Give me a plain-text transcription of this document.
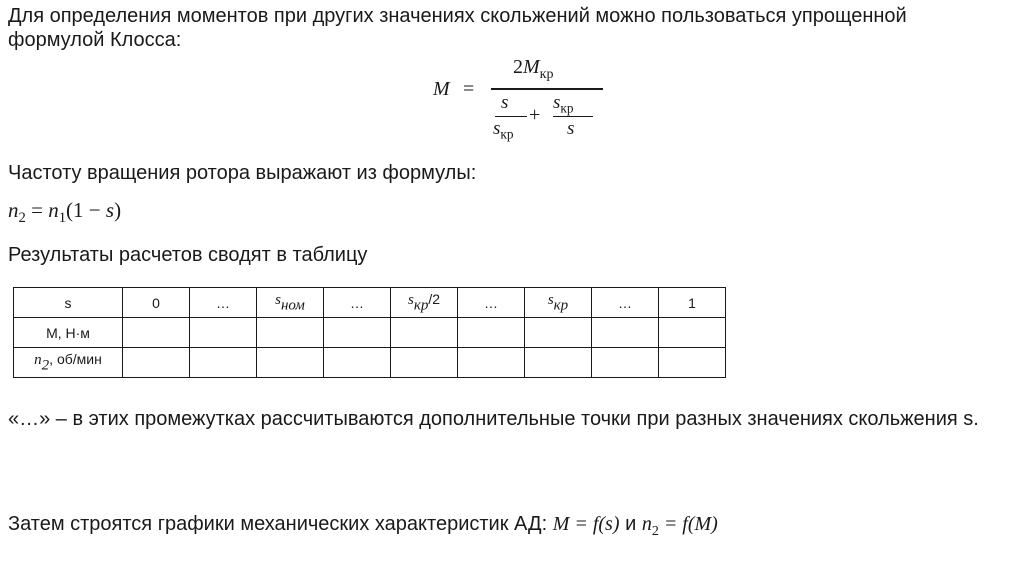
Для определения моментов при других значениях скольжений можно пользоваться упрощенной формулой Клосса:

M =
$2M_{кр}$
s
$s_{кр}$
+
$s_{кр}$
s

Частоту вращения ротора выражают из формулы:

$n_2 = n_1(1 - s)$

Результаты расчетов сводят в таблицу

s	0	…	$s_{ном}$	…	$s_{кр}/2$	…	$s_{кр}$	…	1
M, Н·м									
$n_2$, об/мин									

«…» – в этих промежутках рассчитываются дополнительные точки при разных значениях скольжения s.

Затем строятся графики механических характеристик АД: M = f(s) и $n_2 = f(M)$
